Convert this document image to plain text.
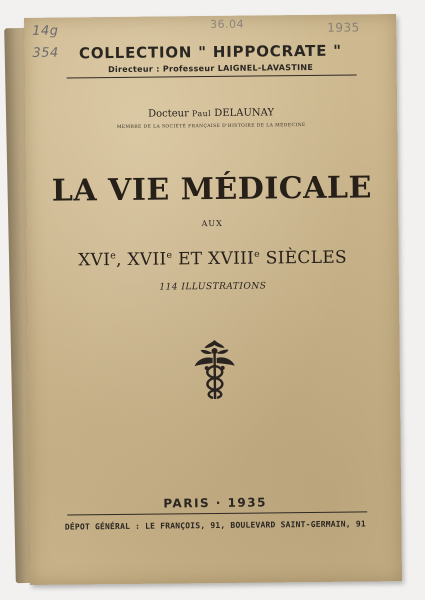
14g
354
36.04	1935
COLLECTION " HIPPOCRATE "
Directeur : Professeur LAIGNEL-LAVASTINE
Docteur Paul DELAUNAY
MEMBRE DE LA SOCIÉTÉ FRANÇAISE D'HISTOIRE DE LA MÉDECINE
LA VIE MÉDICALE
AUX
XVIe, XVIIe ET XVIIIe SIÈCLES
114 ILLUSTRATIONS
PARIS · 1935
DÉPOT GÉNÉRAL : LE FRANÇOIS, 91, BOULEVARD SAINT-GERMAIN, 91
